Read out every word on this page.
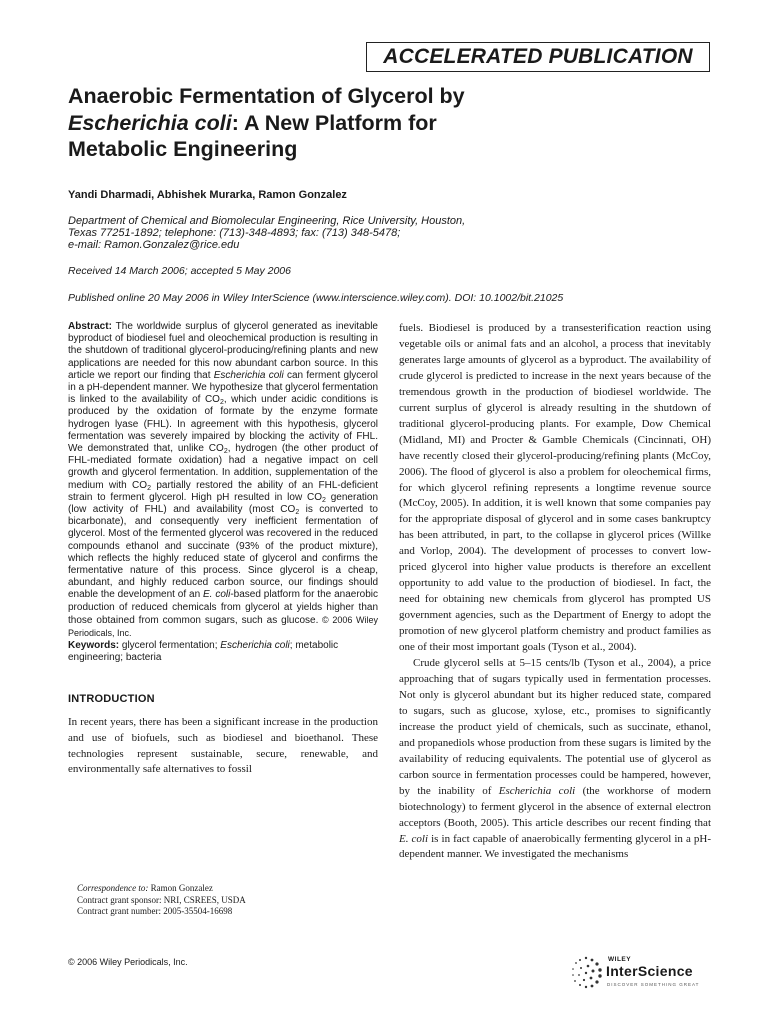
ACCELERATED PUBLICATION
Anaerobic Fermentation of Glycerol by
Escherichia coli: A New Platform for
Metabolic Engineering
Yandi Dharmadi, Abhishek Murarka, Ramon Gonzalez
Department of Chemical and Biomolecular Engineering, Rice University, Houston,
Texas 77251-1892; telephone: (713)-348-4893; fax: (713) 348-5478;
e-mail: Ramon.Gonzalez@rice.edu
Received 14 March 2006; accepted 5 May 2006
Published online 20 May 2006 in Wiley InterScience (www.interscience.wiley.com). DOI: 10.1002/bit.21025

Abstract: The worldwide surplus of glycerol generated as inevitable byproduct of biodiesel fuel and oleochemical production is resulting in the shutdown of traditional glycerol-producing/refining plants and new applications are needed for this now abundant carbon source. In this article we report our finding that Escherichia coli can ferment glycerol in a pH-dependent manner. We hypothesize that glycerol fermentation is linked to the availability of $CO_2$, which under acidic conditions is produced by the oxidation of formate by the enzyme formate hydrogen lyase (FHL). In agreement with this hypothesis, glycerol fermentation was severely impaired by blocking the activity of FHL. We demonstrated that, unlike $CO_2$, hydrogen (the other product of FHL-mediated formate oxidation) had a negative impact on cell growth and glycerol fermentation. In addition, supplementation of the medium with $CO_2$ partially restored the ability of an FHL-deficient strain to ferment glycerol. High pH resulted in low $CO_2$ generation (low activity of FHL) and availability (most $CO_2$ is converted to bicarbonate), and consequently very inefficient fermentation of glycerol. Most of the fermented glycerol was recovered in the reduced compounds ethanol and succinate (93% of the product mixture), which reflects the highly reduced state of glycerol and confirms the fermentative nature of this process. Since glycerol is a cheap, abundant, and highly reduced carbon source, our findings should enable the development of an E. coli-based platform for the anaerobic production of reduced chemicals from glycerol at yields higher than those obtained from common sugars, such as glucose. © 2006 Wiley Periodicals, Inc.

Keywords: glycerol fermentation; Escherichia coli; metabolic engineering; bacteria

INTRODUCTION

In recent years, there has been a significant increase in the production and use of biofuels, such as biodiesel and bioethanol. These technologies represent sustainable, secure, renewable, and environmentally safe alternatives to fossil

fuels. Biodiesel is produced by a transesterification reaction using vegetable oils or animal fats and an alcohol, a process that inevitably generates large amounts of glycerol as a byproduct. The availability of crude glycerol is predicted to increase in the next years because of the tremendous growth in the production of biodiesel worldwide. The current surplus of glycerol is already resulting in the shutdown of traditional glycerol-producing plants. For example, Dow Chemical (Midland, MI) and Procter & Gamble Chemicals (Cincinnati, OH) have recently closed their glycerol-producing/refining plants (McCoy, 2006). The flood of glycerol is also a problem for oleochemical firms, for which glycerol refining represents a longtime revenue source (McCoy, 2005). In addition, it is well known that some companies pay for the appropriate disposal of glycerol and in some cases bankruptcy has been attributed, in part, to the collapse in glycerol prices (Willke and Vorlop, 2004). The development of processes to convert low-priced glycerol into higher value products is therefore an excellent opportunity to add value to the production of biodiesel. In fact, the need for obtaining new chemicals from glycerol has prompted US government agencies, such as the Department of Energy to adopt the promotion of new glycerol platform chemistry and product families as one of their most important goals (Tyson et al., 2004).

Crude glycerol sells at 5–15 cents/lb (Tyson et al., 2004), a price approaching that of sugars typically used in fermentation processes. Not only is glycerol abundant but its higher reduced state, compared to sugars, such as glucose, xylose, etc., promises to significantly increase the product yield of chemicals, such as succinate, ethanol, and propanediols whose production from these sugars is limited by the availability of reducing equivalents. The potential use of glycerol as carbon source in fermentation processes could be hampered, however, by the inability of Escherichia coli (the workhorse of modern biotechnology) to ferment glycerol in the absence of external electron acceptors (Booth, 2005). This article describes our recent finding that E. coli is in fact capable of anaerobically fermenting glycerol in a pH-dependent manner. We investigated the mechanisms

Correspondence to: Ramon Gonzalez
Contract grant sponsor: NRI, CSREES, USDA
Contract grant number: 2005-35504-16698
© 2006 Wiley Periodicals, Inc.	WILEY
InterScience
DISCOVER SOMETHING GREAT
